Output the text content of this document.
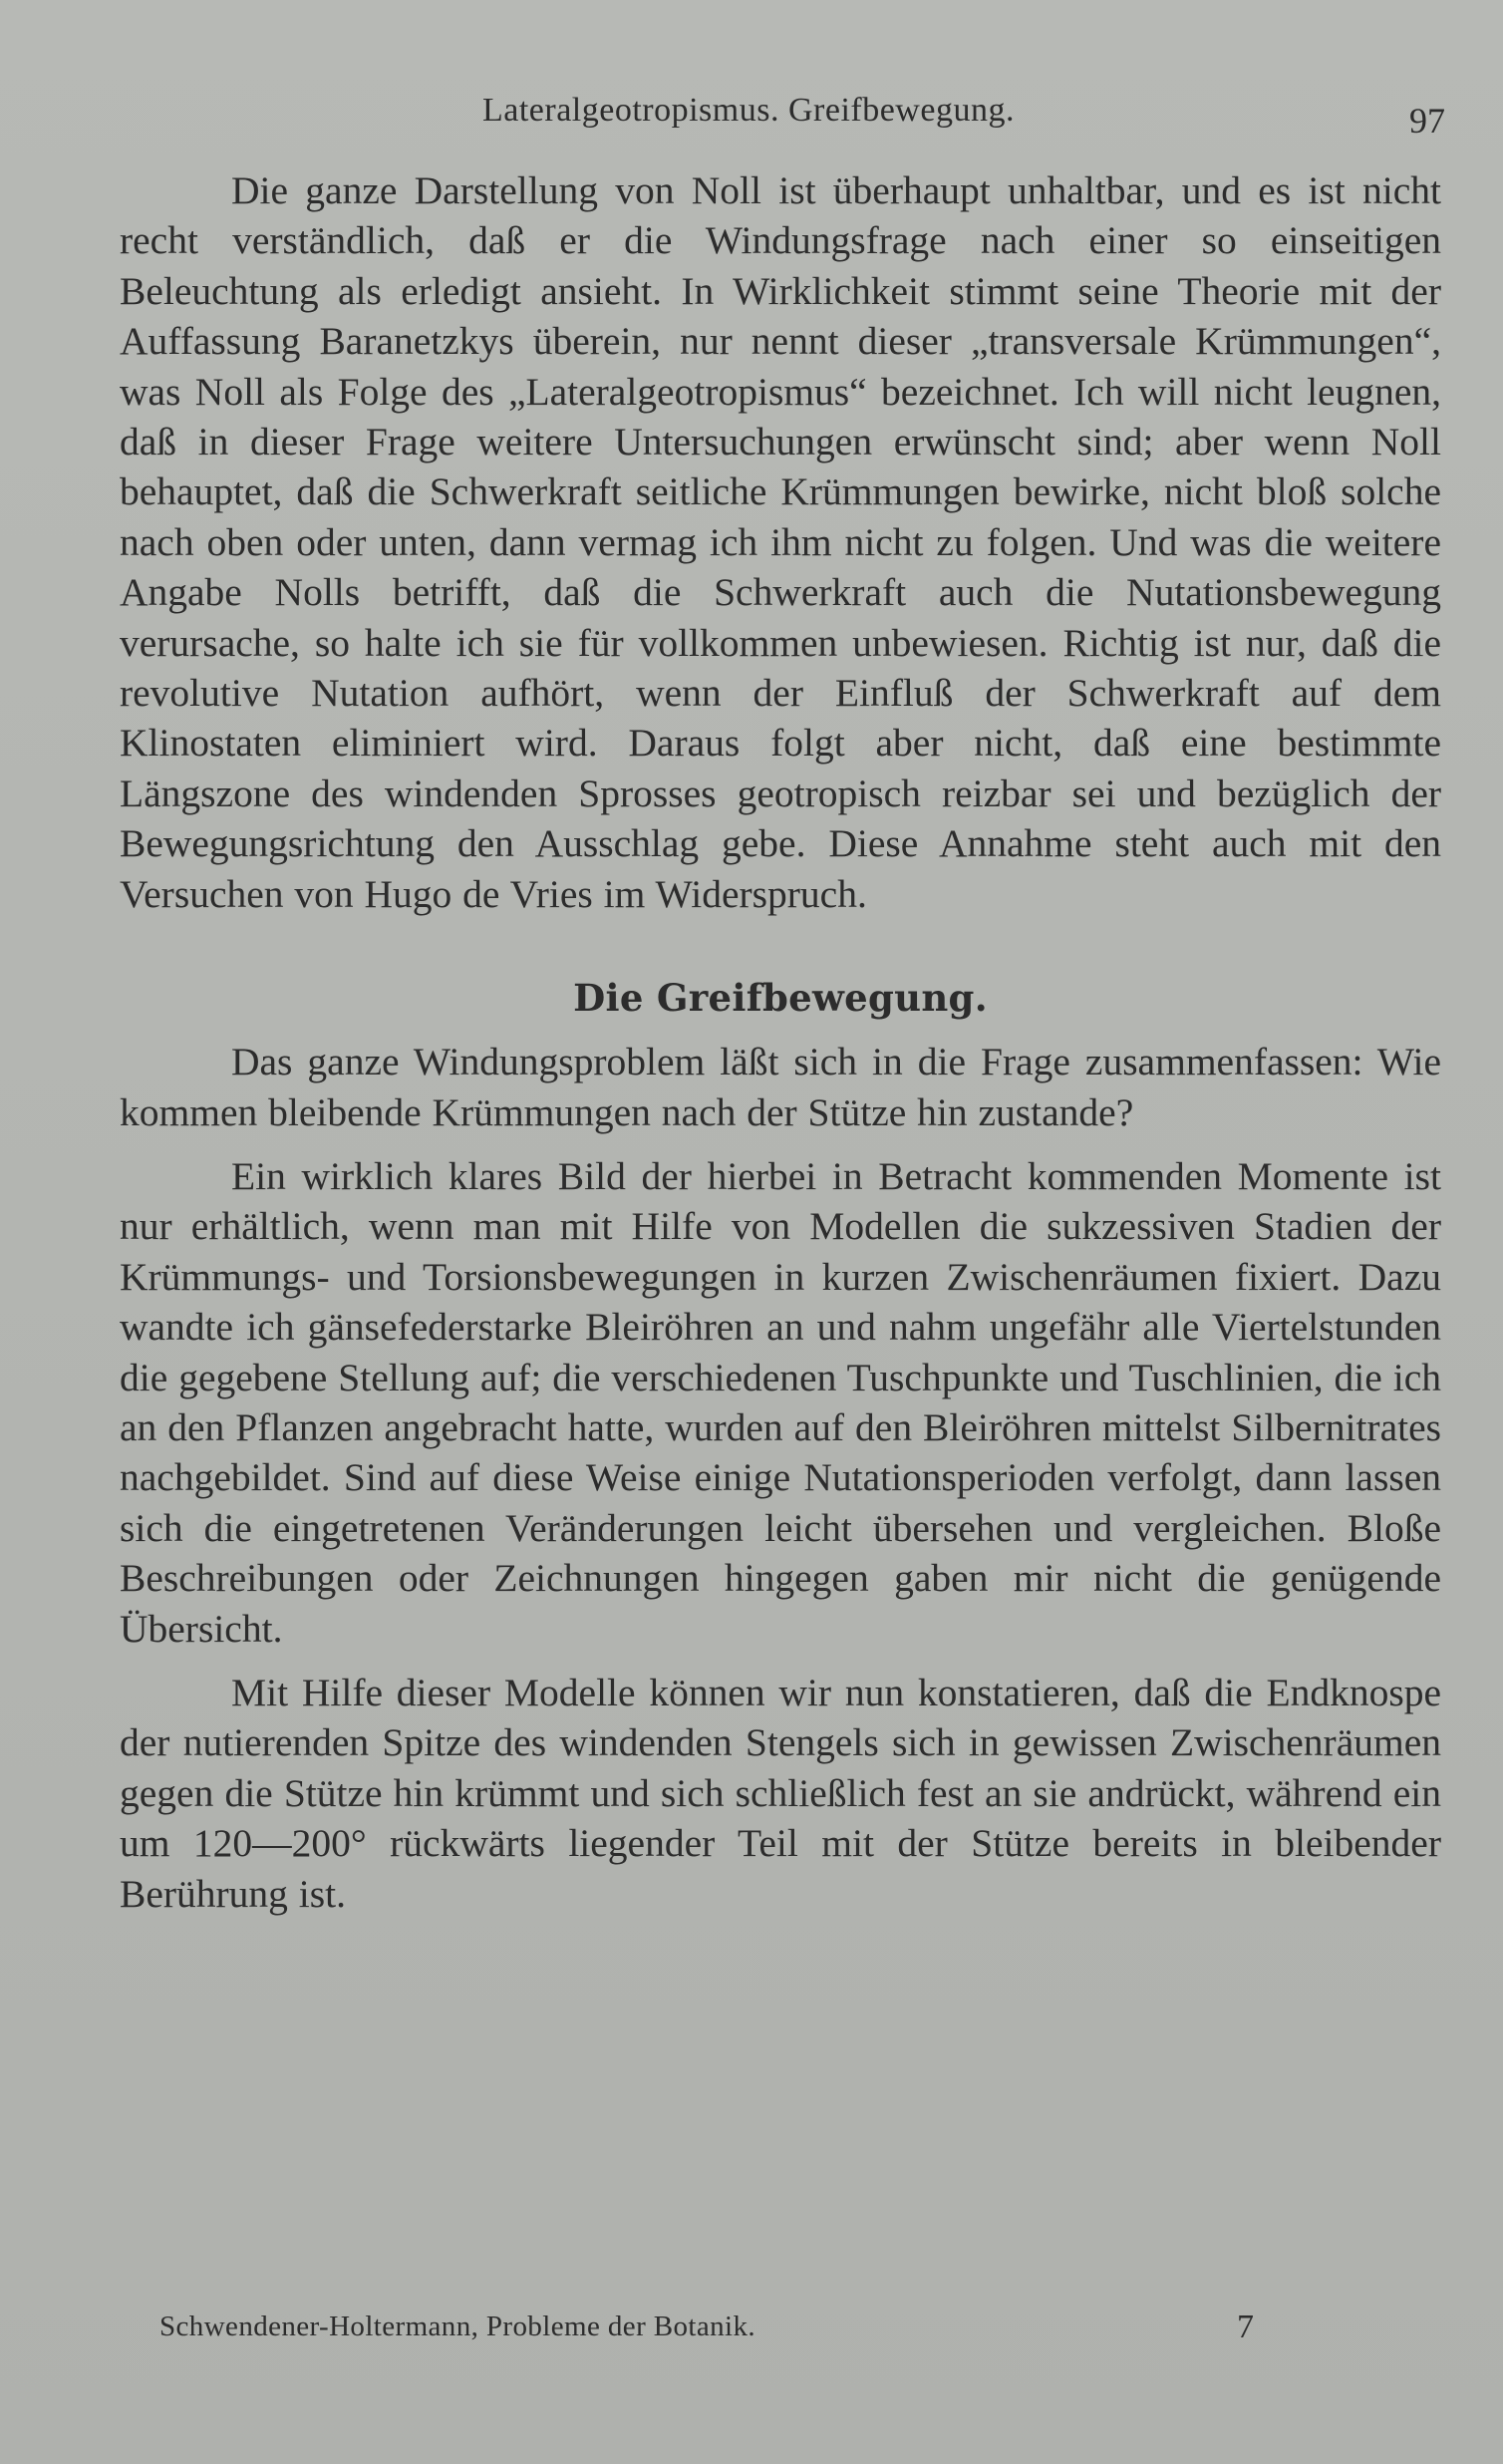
Lateralgeotropismus. Greifbewegung.	97

Die ganze Darstellung von Noll ist überhaupt unhaltbar, und es ist nicht recht verständlich, daß er die Windungsfrage nach einer so einseitigen Beleuchtung als erledigt ansieht. In Wirklichkeit stimmt seine Theorie mit der Auffassung Baranetzkys überein, nur nennt dieser „transversale Krümmungen“, was Noll als Folge des „Lateralgeotropismus“ bezeichnet. Ich will nicht leugnen, daß in dieser Frage weitere Untersuchungen erwünscht sind; aber wenn Noll behauptet, daß die Schwerkraft seitliche Krümmungen bewirke, nicht bloß solche nach oben oder unten, dann vermag ich ihm nicht zu folgen. Und was die weitere Angabe Nolls betrifft, daß die Schwerkraft auch die Nutationsbewegung verursache, so halte ich sie für vollkommen unbewiesen. Richtig ist nur, daß die revolutive Nutation aufhört, wenn der Einfluß der Schwerkraft auf dem Klinostaten eliminiert wird. Daraus folgt aber nicht, daß eine bestimmte Längszone des windenden Sprosses geotropisch reizbar sei und bezüglich der Bewegungsrichtung den Ausschlag gebe. Diese Annahme steht auch mit den Versuchen von Hugo de Vries im Widerspruch.

Die Greifbewegung.

Das ganze Windungsproblem läßt sich in die Frage zusammenfassen: Wie kommen bleibende Krümmungen nach der Stütze hin zustande?

Ein wirklich klares Bild der hierbei in Betracht kommenden Momente ist nur erhältlich, wenn man mit Hilfe von Modellen die sukzessiven Stadien der Krümmungs- und Torsionsbewegungen in kurzen Zwischenräumen fixiert. Dazu wandte ich gänsefederstarke Bleiröhren an und nahm ungefähr alle Viertelstunden die gegebene Stellung auf; die verschiedenen Tuschpunkte und Tuschlinien, die ich an den Pflanzen angebracht hatte, wurden auf den Bleiröhren mittelst Silbernitrates nachgebildet. Sind auf diese Weise einige Nutationsperioden verfolgt, dann lassen sich die eingetretenen Veränderungen leicht übersehen und vergleichen. Bloße Beschreibungen oder Zeichnungen hingegen gaben mir nicht die genügende Übersicht.

Mit Hilfe dieser Modelle können wir nun konstatieren, daß die Endknospe der nutierenden Spitze des windenden Stengels sich in gewissen Zwischenräumen gegen die Stütze hin krümmt und sich schließlich fest an sie andrückt, während ein um 120—200° rückwärts liegender Teil mit der Stütze bereits in bleibender Berührung ist.

Schwendener-Holtermann, Probleme der Botanik.	7
